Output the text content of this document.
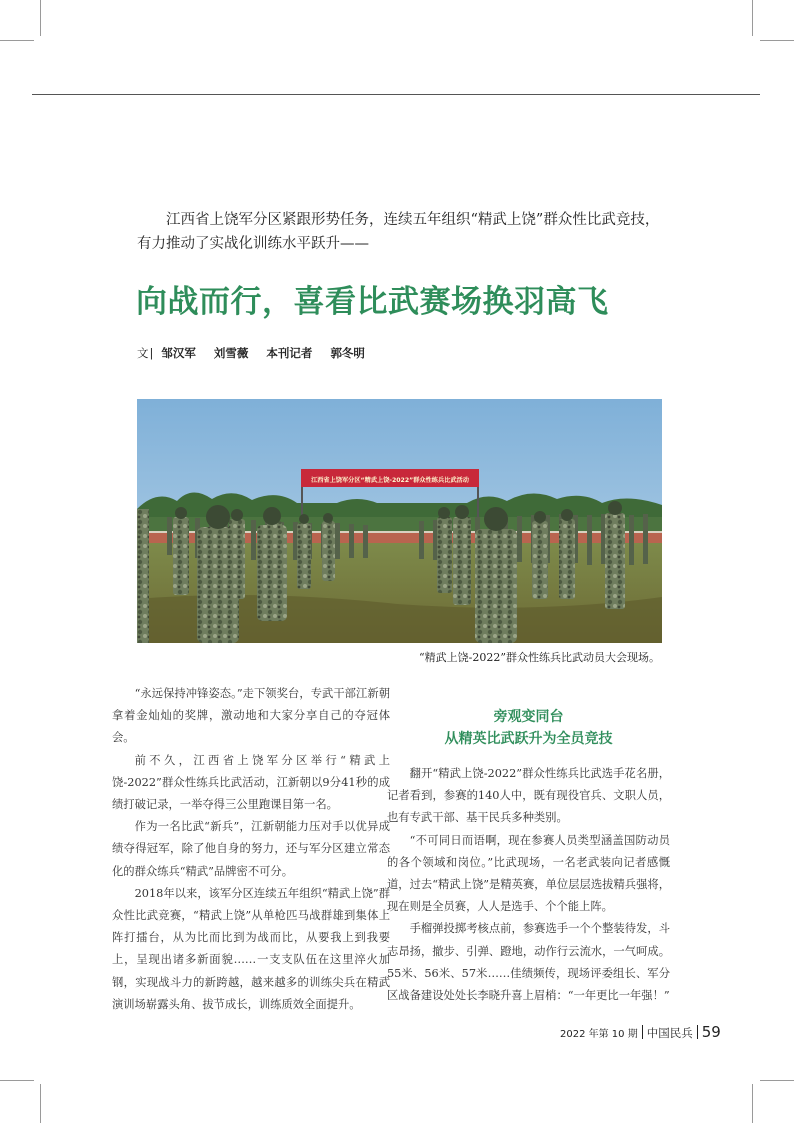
江西省上饶军分区紧跟形势任务，连续五年组织“精武上饶”群众性比武竞技，有力推动了实战化训练水平跃升——
向战而行，喜看比武赛场换羽高飞
文| 邹汉军 刘雪薇 本刊记者 郭冬明
江西省上饶军分区“精武上饶-2022”群众性练兵比武活动
“精武上饶-2022”群众性练兵比武动员大会现场。

“永远保持冲锋姿态。”走下领奖台，专武干部江新朝拿着金灿灿的奖牌，激动地和大家分享自己的夺冠体会。

前不久，江西省上饶军分区举行“精武上饶-2022”群众性练兵比武活动，江新朝以9分41秒的成绩打破记录，一举夺得三公里跑课目第一名。

作为一名比武“新兵”，江新朝能力压对手以优异成绩夺得冠军，除了他自身的努力，还与军分区建立常态化的群众练兵“精武”品牌密不可分。

2018年以来，该军分区连续五年组织“精武上饶”群众性比武竞赛，“精武上饶”从单枪匹马战群雄到集体上阵打擂台，从为比而比到为战而比，从要我上到我要上，呈现出诸多新面貌……一支支队伍在这里淬火加钢，实现战斗力的新跨越，越来越多的训练尖兵在精武演训场崭露头角、拔节成长，训练质效全面提升。

旁观变同台
从精英比武跃升为全员竞技

翻开“精武上饶-2022”群众性练兵比武选手花名册，记者看到，参赛的140人中，既有现役官兵、文职人员，也有专武干部、基干民兵多种类别。

“不可同日而语啊，现在参赛人员类型涵盖国防动员的各个领域和岗位。”比武现场，一名老武装向记者感慨道，过去“精武上饶”是精英赛，单位层层选拔精兵强将，现在则是全员赛，人人是选手、个个能上阵。

手榴弹投掷考核点前，参赛选手一个个整装待发，斗志昂扬，撤步、引弹、蹬地，动作行云流水，一气呵成。55米、56米、57米……佳绩频传，现场评委组长、军分区战备建设处处长李晓升喜上眉梢：“一年更比一年强！”

2022 年第 10 期 中国民兵 59
